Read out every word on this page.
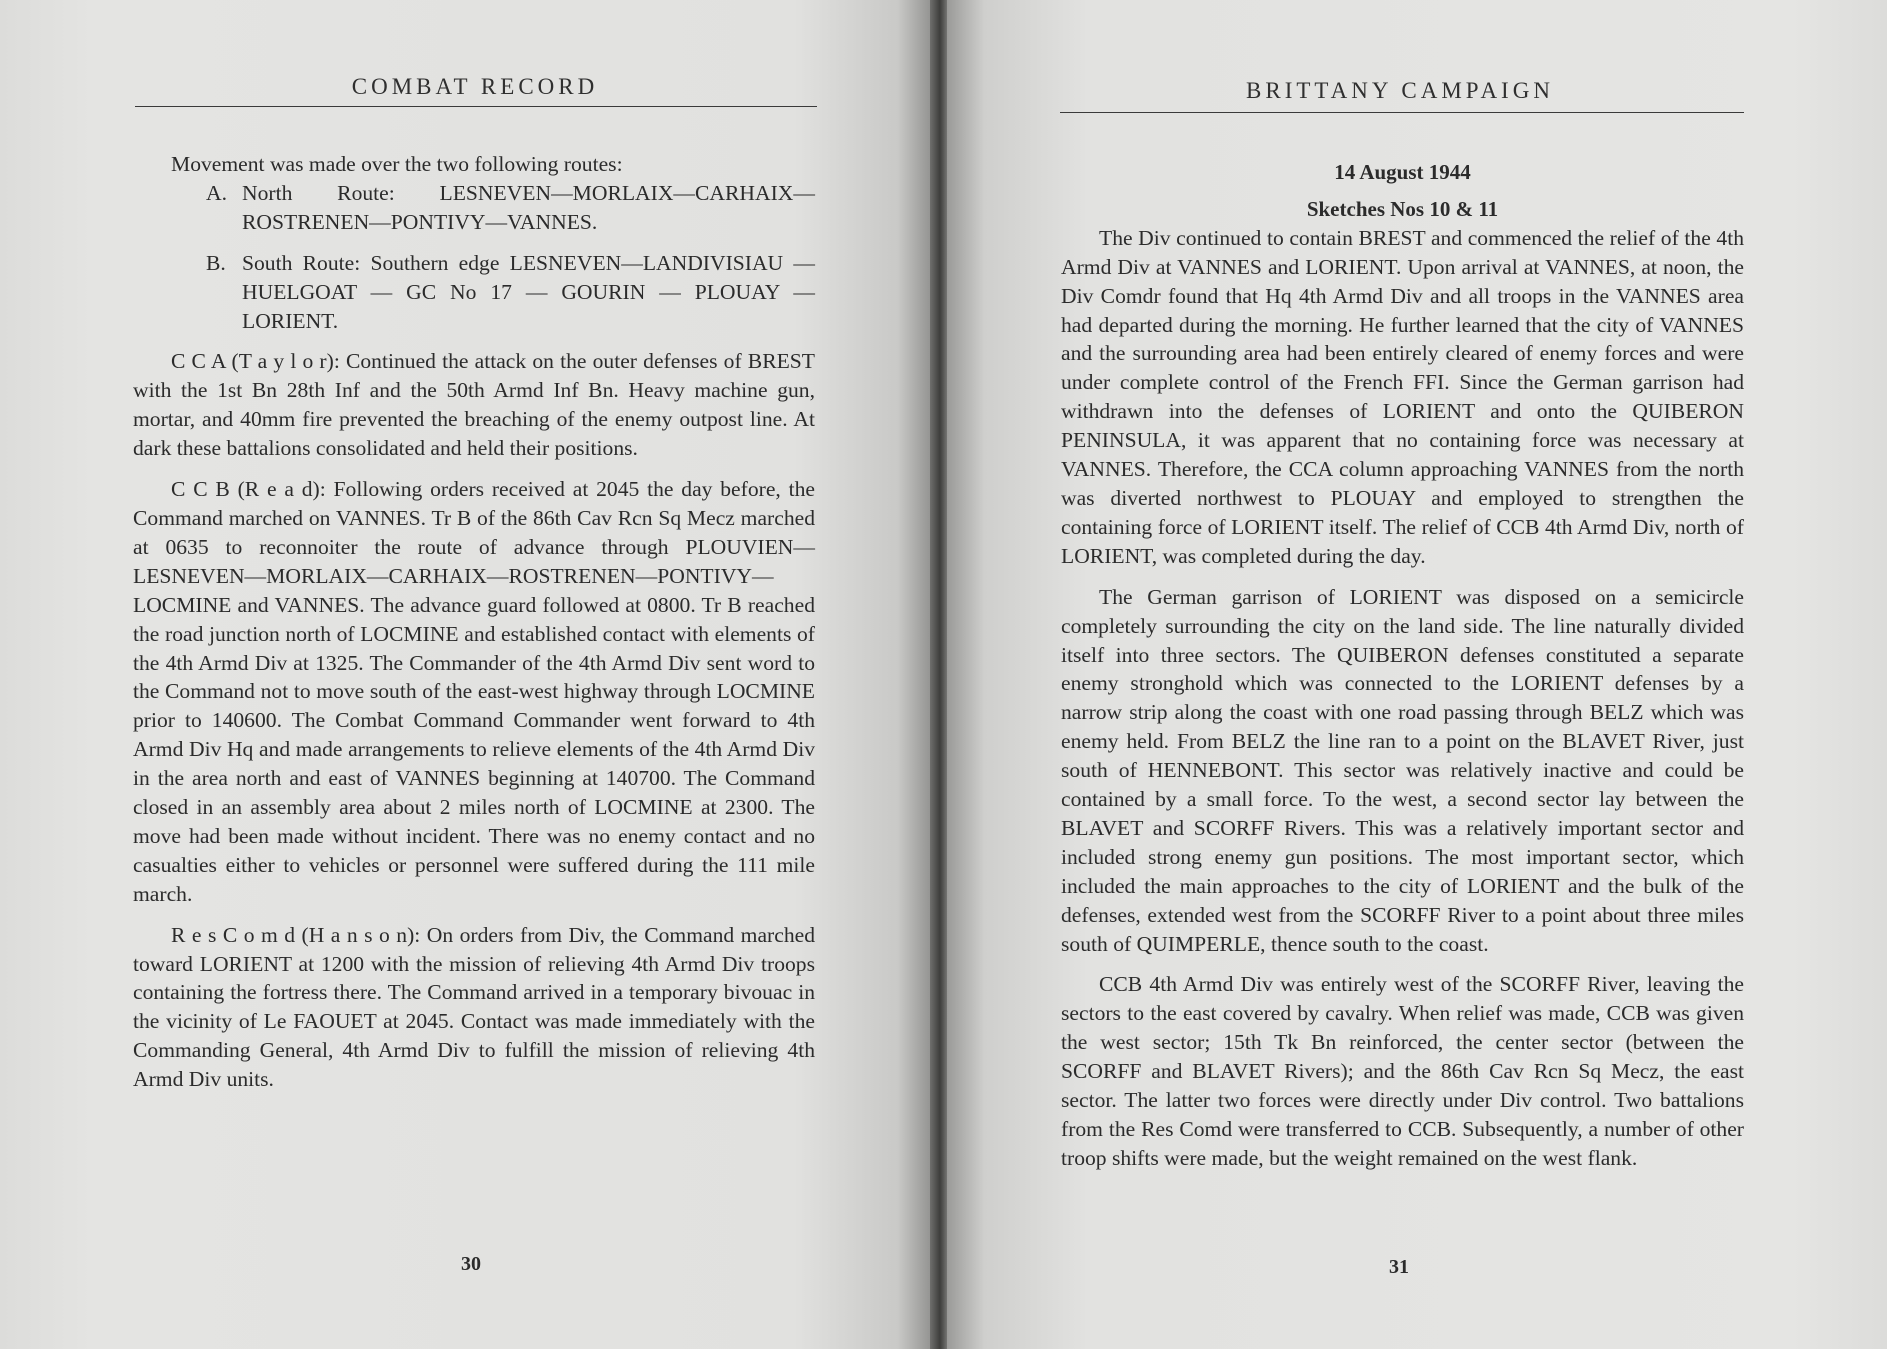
COMBAT RECORD
Movement was made over the two following routes:
A. North Route: LESNEVEN—MORLAIX—CARHAIX—ROSTRENEN—PONTIVY—VANNES.
B. South Route: Southern edge LESNEVEN—LANDIVISIAU — HUELGOAT — GC No 17 — GOURIN — PLOUAY — LORIENT.

C C A (T a y l o r): Continued the attack on the outer defenses of BREST with the 1st Bn 28th Inf and the 50th Armd Inf Bn. Heavy machine gun, mortar, and 40mm fire prevented the breaching of the enemy outpost line. At dark these battalions consolidated and held their positions.

C C B (R e a d): Following orders received at 2045 the day before, the Command marched on VANNES. Tr B of the 86th Cav Rcn Sq Mecz marched at 0635 to reconnoiter the route of advance through PLOUVIEN—LESNEVEN—MORLAIX—CARHAIX—ROSTRENEN—PONTIVY—LOCMINE and VANNES. The advance guard followed at 0800. Tr B reached the road junction north of LOCMINE and established contact with elements of the 4th Armd Div at 1325. The Commander of the 4th Armd Div sent word to the Command not to move south of the east-west highway through LOCMINE prior to 140600. The Combat Command Commander went forward to 4th Armd Div Hq and made arrangements to relieve elements of the 4th Armd Div in the area north and east of VANNES beginning at 140700. The Command closed in an assembly area about 2 miles north of LOCMINE at 2300. The move had been made without incident. There was no enemy contact and no casualties either to vehicles or personnel were suffered during the 111 mile march.

R e s C o m d (H a n s o n): On orders from Div, the Command marched toward LORIENT at 1200 with the mission of relieving 4th Armd Div troops containing the fortress there. The Command arrived in a temporary bivouac in the vicinity of Le FAOUET at 2045. Contact was made immediately with the Commanding General, 4th Armd Div to fulfill the mission of relieving 4th Armd Div units.

30
BRITTANY CAMPAIGN
14 August 1944
Sketches Nos 10 & 11

The Div continued to contain BREST and commenced the relief of the 4th Armd Div at VANNES and LORIENT. Upon arrival at VANNES, at noon, the Div Comdr found that Hq 4th Armd Div and all troops in the VANNES area had departed during the morning. He further learned that the city of VANNES and the surrounding area had been entirely cleared of enemy forces and were under complete control of the French FFI. Since the German garrison had withdrawn into the defenses of LORIENT and onto the QUIBERON PENINSULA, it was apparent that no containing force was necessary at VANNES. Therefore, the CCA column approaching VANNES from the north was diverted northwest to PLOUAY and employed to strengthen the containing force of LORIENT itself. The relief of CCB 4th Armd Div, north of LORIENT, was completed during the day.

The German garrison of LORIENT was disposed on a semicircle completely surrounding the city on the land side. The line naturally divided itself into three sectors. The QUIBERON defenses constituted a separate enemy stronghold which was connected to the LORIENT defenses by a narrow strip along the coast with one road passing through BELZ which was enemy held. From BELZ the line ran to a point on the BLAVET River, just south of HENNEBONT. This sector was relatively inactive and could be contained by a small force. To the west, a second sector lay between the BLAVET and SCORFF Rivers. This was a relatively important sector and included strong enemy gun positions. The most important sector, which included the main approaches to the city of LORIENT and the bulk of the defenses, extended west from the SCORFF River to a point about three miles south of QUIMPERLE, thence south to the coast.

CCB 4th Armd Div was entirely west of the SCORFF River, leaving the sectors to the east covered by cavalry. When relief was made, CCB was given the west sector; 15th Tk Bn reinforced, the center sector (between the SCORFF and BLAVET Rivers); and the 86th Cav Rcn Sq Mecz, the east sector. The latter two forces were directly under Div control. Two battalions from the Res Comd were transferred to CCB. Subsequently, a number of other troop shifts were made, but the weight remained on the west flank.

31
